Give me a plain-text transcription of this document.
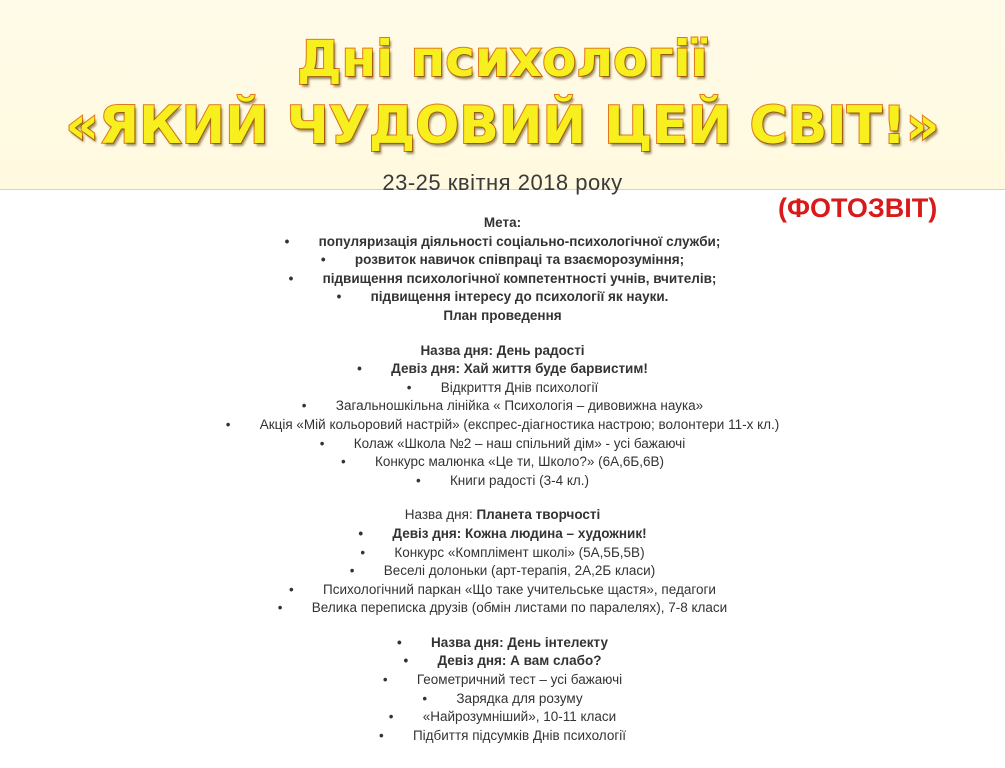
Дні психології
«ЯКИЙ ЧУДОВИЙ ЦЕЙ СВІТ!»
23-25 квітня 2018 року
(ФОТОЗВІТ)
Мета:
• популяризація діяльності соціально-психологічної служби;
• розвиток навичок співпраці та взаєморозуміння;
• підвищення психологічної компетентності учнів, вчителів;
• підвищення інтересу до психології як науки.
План проведення
Назва дня: День радості
• Девіз дня: Хай життя буде барвистим!
• Відкриття Днів психології
• Загальношкільна лінійка « Психологія – дивовижна наука»
• Акція «Мій кольоровий настрій» (експрес-діагностика настрою; волонтери 11-х кл.)
• Колаж «Школа №2 – наш спільний дім» - усі бажаючі
• Конкурс малюнка «Це ти, Школо?» (6А,6Б,6В)
• Книги радості (3-4 кл.)
Назва дня: Планета творчості
• Девіз дня: Кожна людина – художник!
• Конкурс «Комплімент школі» (5А,5Б,5В)
• Веселі долоньки (арт-терапія, 2А,2Б класи)
• Психологічний паркан «Що таке учительське щастя», педагоги
• Велика переписка друзів (обмін листами по паралелях), 7-8 класи
• Назва дня: День інтелекту
• Девіз дня: А вам слабо?
• Геометричний тест – усі бажаючі
• Зарядка для розуму
• «Найрозумніший», 10-11 класи
• Підбиття підсумків Днів психології
